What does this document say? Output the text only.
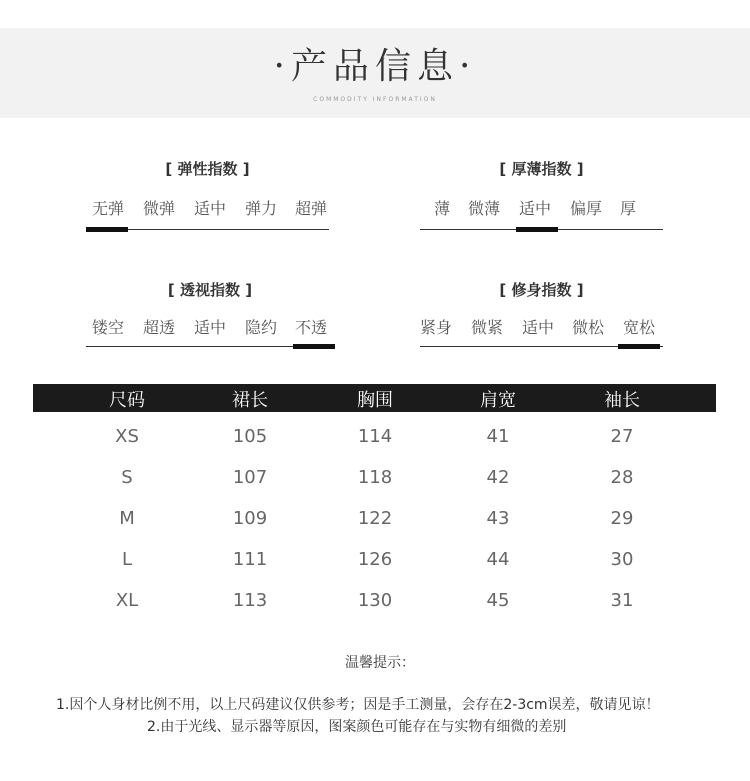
·产品信息·
COMMODITY INFORMATION
[ 弹性指数 ]
无弹 微弹 适中 弹力 超弹
[ 厚薄指数 ]
薄 微薄 适中 偏厚 厚
[ 透视指数 ]
镂空 超透 适中 隐约 不透
[ 修身指数 ]
紧身 微紧 适中 微松 宽松
尺码	裙长	胸围	肩宽	袖长
XS	105	114	41	27
S	107	118	42	28
M	109	122	43	29
L	111	126	44	30
XL	113	130	45	31
温馨提示：
1.因个人身材比例不用，以上尺码建议仅供参考；因是手工测量，会存在2-3cm误差，敬请见谅！
2.由于光线、显示器等原因，图案颜色可能存在与实物有细微的差别
